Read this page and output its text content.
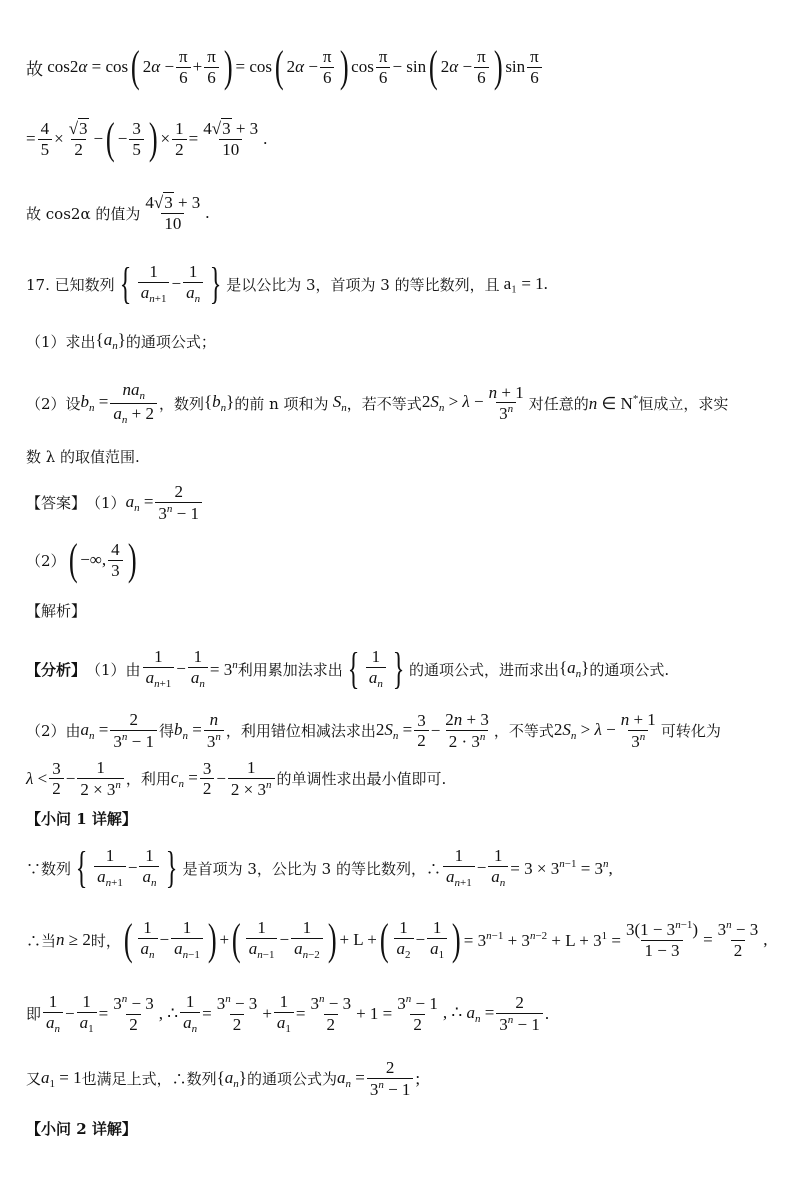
故 cos2α = cos ( $2\alpha - \frac{\pi}{6} + \frac{\pi}{6}$ ) = cos ( $2\alpha - \frac{\pi}{6}$ ) $\cos \frac{\pi}{6} - \sin$ ( $2\alpha - \frac{\pi}{6}$ ) $\sin \frac{\pi}{6}$
= $\frac{4}{5} \times \frac{√3}{2}$ − ( − $\frac{3}{5}$ ) × $\frac{1}{2} = \frac{4√3 + 3}{10}$ .
故 cos2α 的值为 $\frac{4√3 + 3}{10}$ .
17. 已知数列 { $\frac{1}{a_{n+1}} - \frac{1}{a_n}$ } 是以公比为 3，首项为 3 的等比数列，且 a₁ = 1.
（1）求出 $\{a_n\}$ 的通项公式；
（2）设 $b_n = \frac{na_n}{a_n + 2}$ ，数列 $\{b_n\}$ 的前 n 项和为 $S_n$ ，若不等式 $2S_n > \lambda - \frac{n + 1}{3^n}$ 对任意的 n ∈ N* 恒成立，求实
数 λ 的取值范围.
【答案】 （1） $a_n = \frac{2}{3^n - 1}$
（2） ( −∞, $\frac{4}{3}$ )
【解析】
【分析】 （1）由 $\frac{1}{a_{n+1}} - \frac{1}{a_n} = 3^n$ 利用累加法求出 { $\frac{1}{a_n}$ } 的通项公式，进而求出 $\{a_n\}$ 的通项公式.
（2）由 $a_n = \frac{2}{3^n - 1}$ 得 $b_n = \frac{n}{3^n}$ ，利用错位相减法求出 $2S_n = \frac{3}{2} - \frac{2n + 3}{2 \cdot 3^n}$ ，不等式 $2S_n > \lambda - \frac{n + 1}{3^n}$ 可转化为
$\lambda < \frac{3}{2} - \frac{1}{2 \times 3^n}$ ，利用 $c_n = \frac{3}{2} - \frac{1}{2 \times 3^n}$ 的单调性求出最小值即可.
【小问 1 详解】
∵数列 { $\frac{1}{a_{n+1}} - \frac{1}{a_n}$ } 是首项为 3，公比为 3 的等比数列，∴ $\frac{1}{a_{n+1}} - \frac{1}{a_n} = 3 \times 3^{n-1} = 3^n$,
∴当 n ≥ 2 时， ( $\frac{1}{a_n} - \frac{1}{a_{n-1}}$ ) + ( $\frac{1}{a_{n-1}} - \frac{1}{a_{n-2}}$ ) + L + ( $\frac{1}{a_2} - \frac{1}{a_1}$ ) = $3^{n-1} + 3^{n-2} + L + 3^1 = \frac{3(1 - 3^{n-1})}{1 - 3} = \frac{3^n - 3}{2}$ ,
即 $\frac{1}{a_n} - \frac{1}{a_1} = \frac{3^n - 3}{2}$ , ∴ $\frac{1}{a_n} = \frac{3^n - 3}{2} + \frac{1}{a_1} = \frac{3^n - 3}{2} + 1 = \frac{3^n - 1}{2}$ , ∴ $a_n = \frac{2}{3^n - 1}$ .
又 $a_1 = 1$ 也满足上式，∴数列 $\{a_n\}$ 的通项公式为 $a_n = \frac{2}{3^n - 1}$ ;
【小问 2 详解】
